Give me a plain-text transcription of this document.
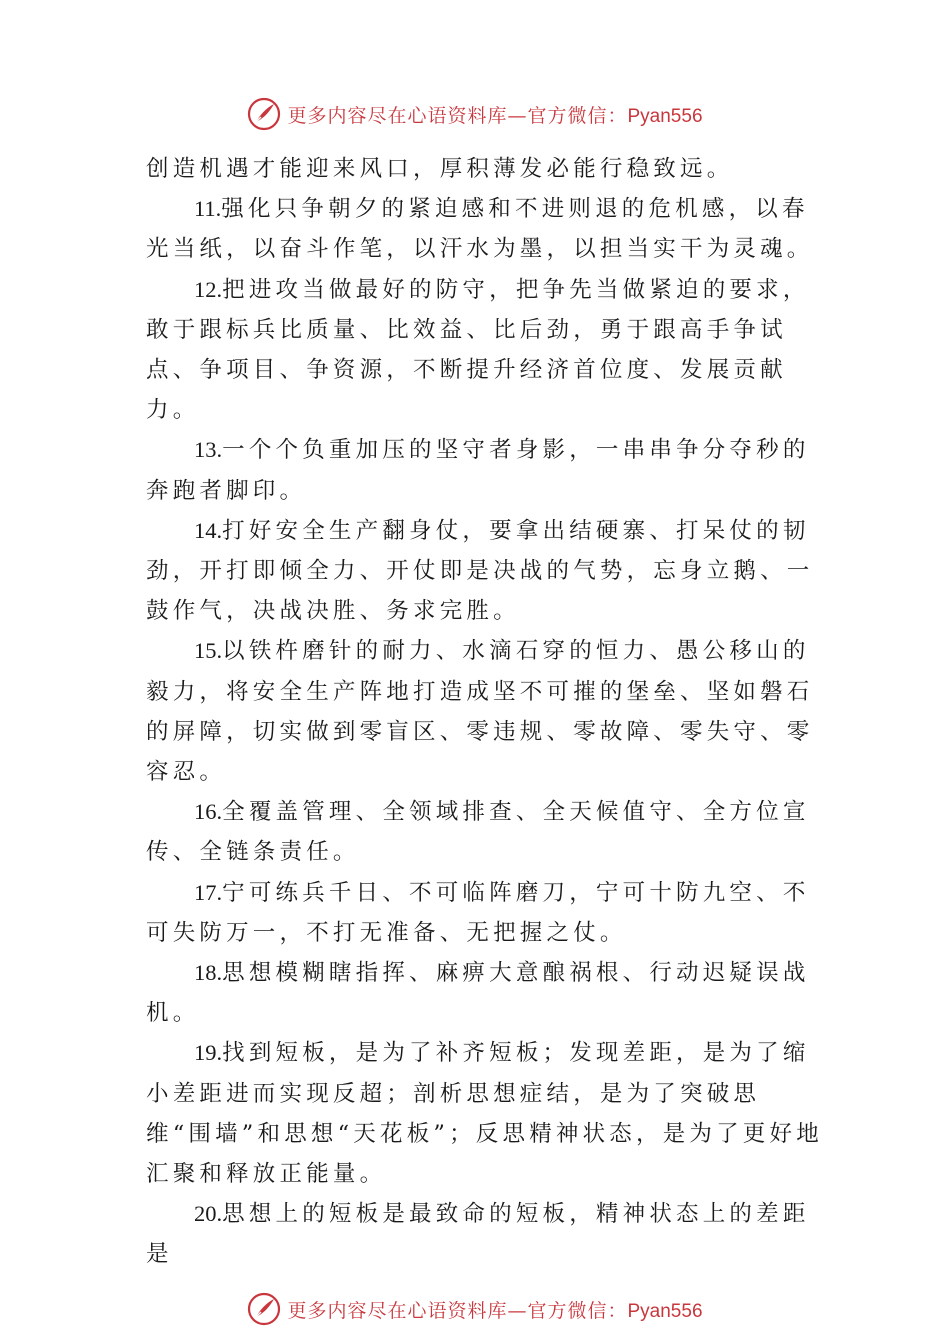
更多内容尽在心语资料库—官方微信：Pyan556

创造机遇才能迎来风口，厚积薄发必能行稳致远。

11.强化只争朝夕的紧迫感和不进则退的危机感，以春光当纸，以奋斗作笔，以汗水为墨，以担当实干为灵魂。

12.把进攻当做最好的防守，把争先当做紧迫的要求，敢于跟标兵比质量、比效益、比后劲，勇于跟高手争试点、争项目、争资源，不断提升经济首位度、发展贡献力。

13.一个个负重加压的坚守者身影，一串串争分夺秒的奔跑者脚印。

14.打好安全生产翻身仗，要拿出结硬寨、打呆仗的韧劲，开打即倾全力、开仗即是决战的气势，忘身立鹅、一鼓作气，决战决胜、务求完胜。

15.以铁杵磨针的耐力、水滴石穿的恒力、愚公移山的毅力，将安全生产阵地打造成坚不可摧的堡垒、坚如磐石的屏障，切实做到零盲区、零违规、零故障、零失守、零容忍。

16.全覆盖管理、全领域排查、全天候值守、全方位宣传、全链条责任。

17.宁可练兵千日、不可临阵磨刀，宁可十防九空、不可失防万一，不打无准备、无把握之仗。

18.思想模糊瞎指挥、麻痹大意酿祸根、行动迟疑误战机。

19.找到短板，是为了补齐短板；发现差距，是为了缩小差距进而实现反超；剖析思想症结，是为了突破思维“围墙”和思想“天花板”；反思精神状态，是为了更好地汇聚和释放正能量。

20.思想上的短板是最致命的短板，精神状态上的差距是

更多内容尽在心语资料库—官方微信：Pyan556
